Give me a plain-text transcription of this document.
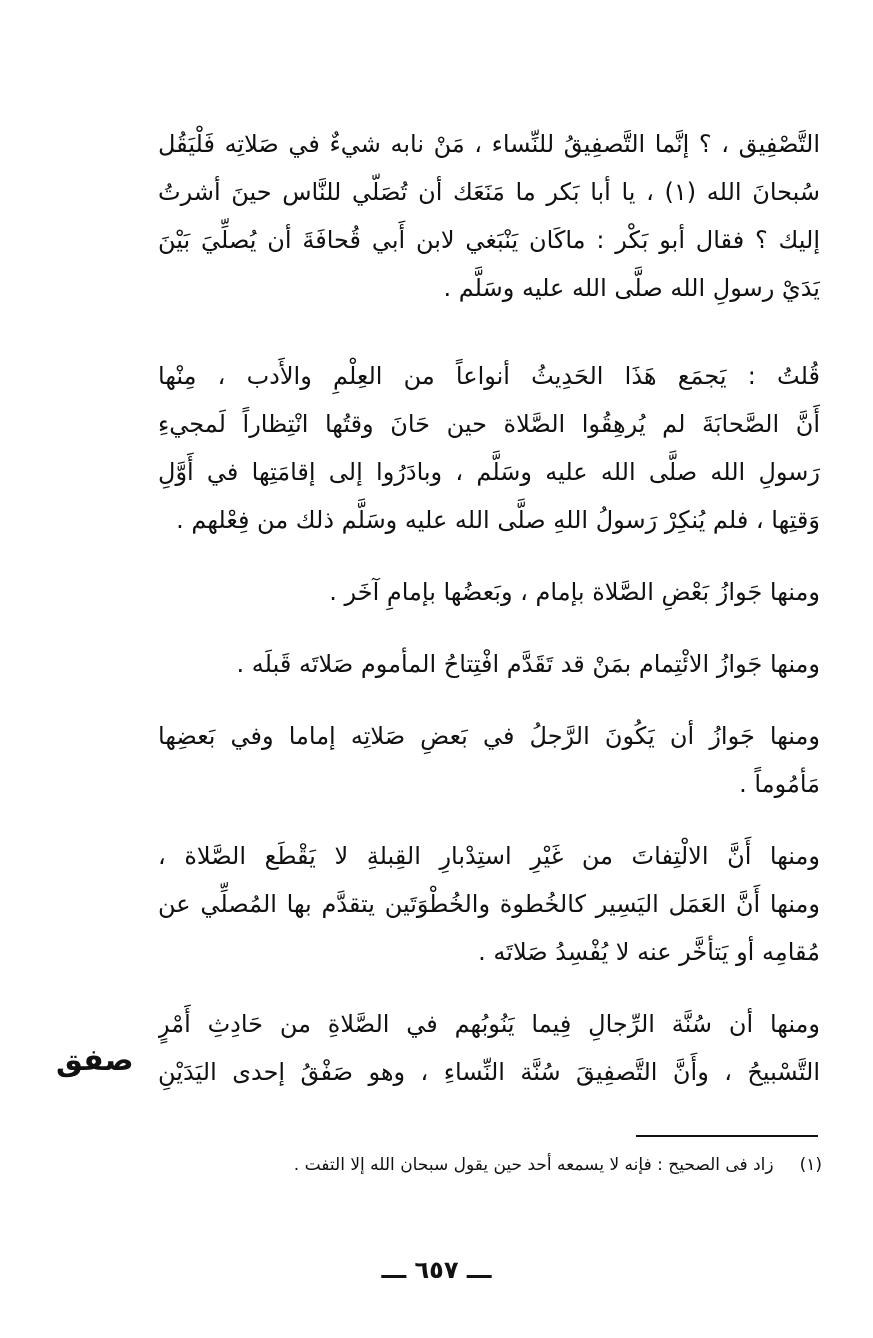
التَّصْفِيق ، ؟ إنَّما التَّصفِيقُ للنِّساء ، مَنْ نابه شيءٌ في صَلاتِه فَلْيَقُل
سُبحانَ الله (١) ، يا أبا بَكر ما مَنَعَك أن تُصَلّي للنَّاس حينَ أشرتُ
إليك ؟ فقال أبو بَكْر : ماكَان يَنْبَغي لابن أَبي قُحافَةَ أن يُصلِّيَ بَيْنَ
يَدَيْ رسولِ الله صلَّى الله عليه وسَلَّم .
قُلتُ : يَجمَع هَذَا الحَدِيثُ أنواعاً من العِلْمِ والأَدب ، مِنْها
أَنَّ الصَّحابَةَ لم يُرهِقُوا الصَّلاة حين حَانَ وقتُها انْتِظاراً لَمجيءِ
رَسولِ الله صلَّى الله عليه وسَلَّم ، وبادَرُوا إلى إقامَتِها في أَوَّلِ
وَقتِها ، فلم يُنكِرْ رَسولُ اللهِ صلَّى الله عليه وسَلَّم ذلك من فِعْلهم .
ومنها جَوازُ بَعْضِ الصَّلاة بإمام ، وبَعضُها بإمامِ آخَر .
ومنها جَوازُ الائْتِمام بمَنْ قد تَقَدَّم افْتِتاحُ المأموم صَلاتَه قَبلَه .
ومنها جَوازُ أن يَكُونَ الرَّجلُ في بَعضِ صَلاتِه إماما وفي بَعضِها
مَأمُوماً .
ومنها أَنَّ الالْتِفاتَ من غَيْرِ استِدْبارِ القِبلةِ لا يَقْطَع الصَّلاة ،
ومنها أَنَّ العَمَل اليَسِير كالخُطوة والخُطْوَتَين يتقدَّم بها المُصلِّي عن
مُقامِه أو يَتأخَّر عنه لا يُفْسِدُ صَلاتَه .
ومنها أن سُنَّة الرِّجالِ فِيما يَنُوبُهم في الصَّلاةِ من حَادِثِ أَمْرٍ
التَّسْبيحُ ، وأَنَّ التَّصفِيقَ سُنَّة النِّساءِ ، وهو صَفْقُ إحدى اليَدَيْنِ
صفق
(١)زاد فى الصحيح : فإنه لا يسمعه أحد حين يقول سبحان الله إلا التفت .
ـــ ٦٥٧ ـــ
